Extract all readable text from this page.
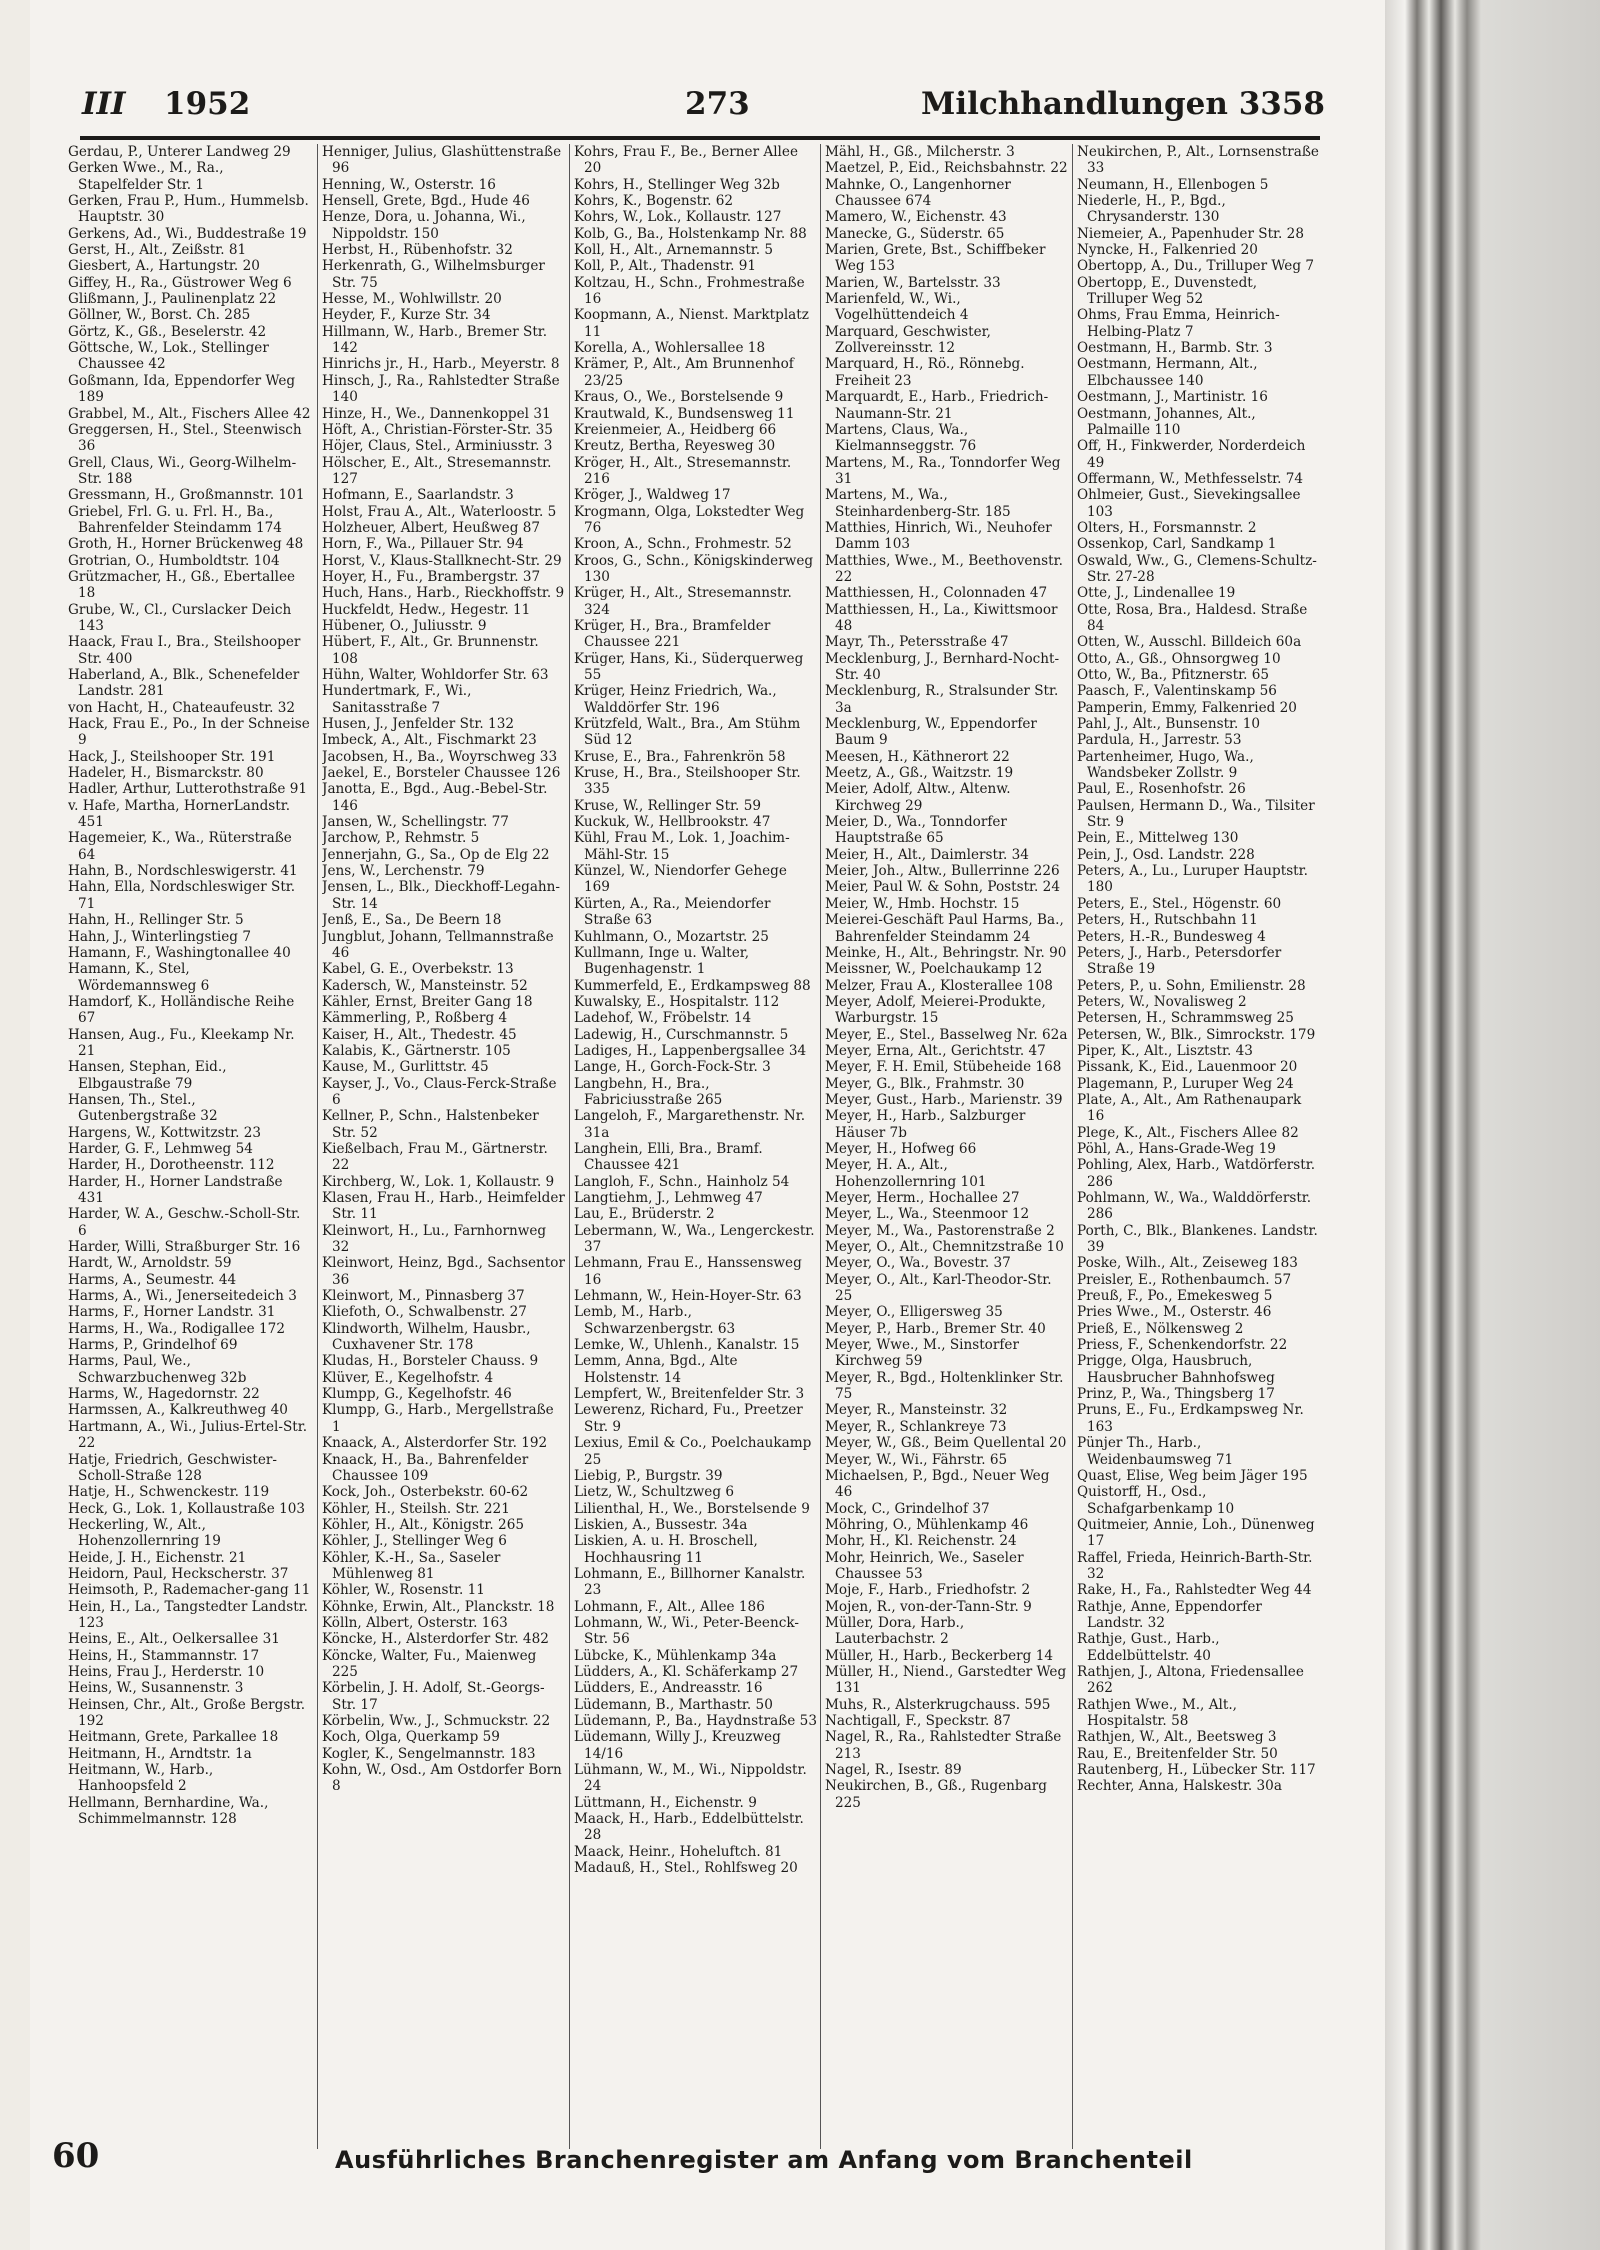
III 1952	273	Milchhandlungen 3358
Gerdau, P., Unterer Landweg 29
Gerken Wwe., M., Ra., Stapelfelder Str. 1
Gerken, Frau P., Hum., Hummelsb. Hauptstr. 30
Gerkens, Ad., Wi., Buddestraße 19
Gerst, H., Alt., Zeißstr. 81
Giesbert, A., Hartungstr. 20
Giffey, H., Ra., Güstrower Weg 6
Glißmann, J., Paulinenplatz 22
Göllner, W., Borst. Ch. 285
Görtz, K., Gß., Beselerstr. 42
Göttsche, W., Lok., Stellinger Chaussee 42
Goßmann, Ida, Eppendorfer Weg 189
Grabbel, M., Alt., Fischers Allee 42
Greggersen, H., Stel., Steenwisch 36
Grell, Claus, Wi., Georg-Wilhelm-Str. 188
Gressmann, H., Großmannstr. 101
Griebel, Frl. G. u. Frl. H., Ba., Bahrenfelder Steindamm 174
Groth, H., Horner Brückenweg 48
Grotrian, O., Humboldtstr. 104
Grützmacher, H., Gß., Ebertallee 18
Grube, W., Cl., Curslacker Deich 143
Haack, Frau I., Bra., Steilshooper Str. 400
Haberland, A., Blk., Schenefelder Landstr. 281
von Hacht, H., Chateaufeustr. 32
Hack, Frau E., Po., In der Schneise 9
Hack, J., Steilshooper Str. 191
Hadeler, H., Bismarckstr. 80
Hadler, Arthur, Lutterothstraße 91
v. Hafe, Martha, HornerLandstr. 451
Hagemeier, K., Wa., Rüterstraße 64
Hahn, B., Nordschleswigerstr. 41
Hahn, Ella, Nordschleswiger Str. 71
Hahn, H., Rellinger Str. 5
Hahn, J., Winterlingstieg 7
Hamann, F., Washingtonallee 40
Hamann, K., Stel, Wördemannsweg 6
Hamdorf, K., Holländische Reihe 67
Hansen, Aug., Fu., Kleekamp Nr. 21
Hansen, Stephan, Eid., Elbgaustraße 79
Hansen, Th., Stel., Gutenbergstraße 32
Hargens, W., Kottwitzstr. 23
Harder, G. F., Lehmweg 54
Harder, H., Dorotheenstr. 112
Harder, H., Horner Landstraße 431
Harder, W. A., Geschw.-Scholl-Str. 6
Harder, Willi, Straßburger Str. 16
Hardt, W., Arnoldstr. 59
Harms, A., Seumestr. 44
Harms, A., Wi., Jenerseitedeich 3
Harms, F., Horner Landstr. 31
Harms, H., Wa., Rodigallee 172
Harms, P., Grindelhof 69
Harms, Paul, We., Schwarzbuchenweg 32b
Harms, W., Hagedornstr. 22
Harmssen, A., Kalkreuthweg 40
Hartmann, A., Wi., Julius-Ertel-Str. 22
Hatje, Friedrich, Geschwister-Scholl-Straße 128
Hatje, H., Schwenckestr. 119
Heck, G., Lok. 1, Kollaustraße 103
Heckerling, W., Alt., Hohenzollernring 19
Heide, J. H., Eichenstr. 21
Heidorn, Paul, Heckscherstr. 37
Heimsoth, P., Rademacher-gang 11
Hein, H., La., Tangstedter Landstr. 123
Heins, E., Alt., Oelkersallee 31
Heins, H., Stammannstr. 17
Heins, Frau J., Herderstr. 10
Heins, W., Susannenstr. 3
Heinsen, Chr., Alt., Große Bergstr. 192
Heitmann, Grete, Parkallee 18
Heitmann, H., Arndtstr. 1a
Heitmann, W., Harb., Hanhoopsfeld 2
Hellmann, Bernhardine, Wa., Schimmelmannstr. 128
Henniger, Julius, Glashüttenstraße 96
Henning, W., Osterstr. 16
Hensell, Grete, Bgd., Hude 46
Henze, Dora, u. Johanna, Wi., Nippoldstr. 150
Herbst, H., Rübenhofstr. 32
Herkenrath, G., Wilhelmsburger Str. 75
Hesse, M., Wohlwillstr. 20
Heyder, F., Kurze Str. 34
Hillmann, W., Harb., Bremer Str. 142
Hinrichs jr., H., Harb., Meyerstr. 8
Hinsch, J., Ra., Rahlstedter Straße 140
Hinze, H., We., Dannenkoppel 31
Höft, A., Christian-Förster-Str. 35
Höjer, Claus, Stel., Arminiusstr. 3
Hölscher, E., Alt., Stresemannstr. 127
Hofmann, E., Saarlandstr. 3
Holst, Frau A., Alt., Waterloostr. 5
Holzheuer, Albert, Heußweg 87
Horn, F., Wa., Pillauer Str. 94
Horst, V., Klaus-Stallknecht-Str. 29
Hoyer, H., Fu., Brambergstr. 37
Huch, Hans., Harb., Rieckhoffstr. 9
Huckfeldt, Hedw., Hegestr. 11
Hübener, O., Juliusstr. 9
Hübert, F., Alt., Gr. Brunnenstr. 108
Hühn, Walter, Wohldorfer Str. 63
Hundertmark, F., Wi., Sanitasstraße 7
Husen, J., Jenfelder Str. 132
Imbeck, A., Alt., Fischmarkt 23
Jacobsen, H., Ba., Woyrschweg 33
Jaekel, E., Borsteler Chaussee 126
Janotta, E., Bgd., Aug.-Bebel-Str. 146
Jansen, W., Schellingstr. 77
Jarchow, P., Rehmstr. 5
Jennerjahn, G., Sa., Op de Elg 22
Jens, W., Lerchenstr. 79
Jensen, L., Blk., Dieckhoff-Legahn-Str. 14
Jenß, E., Sa., De Beern 18
Jungblut, Johann, Tellmannstraße 46
Kabel, G. E., Overbekstr. 13
Kadersch, W., Mansteinstr. 52
Kähler, Ernst, Breiter Gang 18
Kämmerling, P., Roßberg 4
Kaiser, H., Alt., Thedestr. 45
Kalabis, K., Gärtnerstr. 105
Kause, M., Gurlittstr. 45
Kayser, J., Vo., Claus-Ferck-Straße 6
Kellner, P., Schn., Halstenbeker Str. 52
Kießelbach, Frau M., Gärtnerstr. 22
Kirchberg, W., Lok. 1, Kollaustr. 9
Klasen, Frau H., Harb., Heimfelder Str. 11
Kleinwort, H., Lu., Farnhornweg 32
Kleinwort, Heinz, Bgd., Sachsentor 36
Kleinwort, M., Pinnasberg 37
Kliefoth, O., Schwalbenstr. 27
Klindworth, Wilhelm, Hausbr., Cuxhavener Str. 178
Kludas, H., Borsteler Chauss. 9
Klüver, E., Kegelhofstr. 4
Klumpp, G., Kegelhofstr. 46
Klumpp, G., Harb., Mergellstraße 1
Knaack, A., Alsterdorfer Str. 192
Knaack, H., Ba., Bahrenfelder Chaussee 109
Kock, Joh., Osterbekstr. 60-62
Köhler, H., Steilsh. Str. 221
Köhler, H., Alt., Königstr. 265
Köhler, J., Stellinger Weg 6
Köhler, K.-H., Sa., Saseler Mühlenweg 81
Köhler, W., Rosenstr. 11
Köhnke, Erwin, Alt., Planckstr. 18
Kölln, Albert, Osterstr. 163
Köncke, H., Alsterdorfer Str. 482
Köncke, Walter, Fu., Maienweg 225
Körbelin, J. H. Adolf, St.-Georgs-Str. 17
Körbelin, Ww., J., Schmuckstr. 22
Koch, Olga, Querkamp 59
Kogler, K., Sengelmannstr. 183
Kohn, W., Osd., Am Ostdorfer Born 8
Kohrs, Frau F., Be., Berner Allee 20
Kohrs, H., Stellinger Weg 32b
Kohrs, K., Bogenstr. 62
Kohrs, W., Lok., Kollaustr. 127
Kolb, G., Ba., Holstenkamp Nr. 88
Koll, H., Alt., Arnemannstr. 5
Koll, P., Alt., Thadenstr. 91
Koltzau, H., Schn., Frohmestraße 16
Koopmann, A., Nienst. Marktplatz 11
Korella, A., Wohlersallee 18
Krämer, P., Alt., Am Brunnenhof 23/25
Kraus, O., We., Borstelsende 9
Krautwald, K., Bundsensweg 11
Kreienmeier, A., Heidberg 66
Kreutz, Bertha, Reyesweg 30
Kröger, H., Alt., Stresemannstr. 216
Kröger, J., Waldweg 17
Krogmann, Olga, Lokstedter Weg 76
Kroon, A., Schn., Frohmestr. 52
Kroos, G., Schn., Königskinderweg 130
Krüger, H., Alt., Stresemannstr. 324
Krüger, H., Bra., Bramfelder Chaussee 221
Krüger, Hans, Ki., Süderquerweg 55
Krüger, Heinz Friedrich, Wa., Walddörfer Str. 196
Krützfeld, Walt., Bra., Am Stühm Süd 12
Kruse, E., Bra., Fahrenkrön 58
Kruse, H., Bra., Steilshooper Str. 335
Kruse, W., Rellinger Str. 59
Kuckuk, W., Hellbrookstr. 47
Kühl, Frau M., Lok. 1, Joachim-Mähl-Str. 15
Künzel, W., Niendorfer Gehege 169
Kürten, A., Ra., Meiendorfer Straße 63
Kuhlmann, O., Mozartstr. 25
Kullmann, Inge u. Walter, Bugenhagenstr. 1
Kummerfeld, E., Erdkampsweg 88
Kuwalsky, E., Hospitalstr. 112
Ladehof, W., Fröbelstr. 14
Ladewig, H., Curschmannstr. 5
Ladiges, H., Lappenbergsallee 34
Lange, H., Gorch-Fock-Str. 3
Langbehn, H., Bra., Fabriciusstraße 265
Langeloh, F., Margarethenstr. Nr. 31a
Langhein, Elli, Bra., Bramf. Chaussee 421
Langloh, F., Schn., Hainholz 54
Langtiehm, J., Lehmweg 47
Lau, E., Brüderstr. 2
Lebermann, W., Wa., Lengerckestr. 37
Lehmann, Frau E., Hanssensweg 16
Lehmann, W., Hein-Hoyer-Str. 63
Lemb, M., Harb., Schwarzenbergstr. 63
Lemke, W., Uhlenh., Kanalstr. 15
Lemm, Anna, Bgd., Alte Holstenstr. 14
Lempfert, W., Breitenfelder Str. 3
Lewerenz, Richard, Fu., Preetzer Str. 9
Lexius, Emil & Co., Poelchaukamp 25
Liebig, P., Burgstr. 39
Lietz, W., Schultzweg 6
Lilienthal, H., We., Borstelsende 9
Liskien, A., Bussestr. 34a
Liskien, A. u. H. Broschell, Hochhausring 11
Lohmann, E., Billhorner Kanalstr. 23
Lohmann, F., Alt., Allee 186
Lohmann, W., Wi., Peter-Beenck-Str. 56
Lübcke, K., Mühlenkamp 34a
Lüdders, A., Kl. Schäferkamp 27
Lüdders, E., Andreasstr. 16
Lüdemann, B., Marthastr. 50
Lüdemann, P., Ba., Haydnstraße 53
Lüdemann, Willy J., Kreuzweg 14/16
Lühmann, W., M., Wi., Nippoldstr. 24
Lüttmann, H., Eichenstr. 9
Maack, H., Harb., Eddelbüttelstr. 28
Maack, Heinr., Hoheluftch. 81
Madauß, H., Stel., Rohlfsweg 20
Mähl, H., Gß., Milcherstr. 3
Maetzel, P., Eid., Reichsbahnstr. 22
Mahnke, O., Langenhorner Chaussee 674
Mamero, W., Eichenstr. 43
Manecke, G., Süderstr. 65
Marien, Grete, Bst., Schiffbeker Weg 153
Marien, W., Bartelsstr. 33
Marienfeld, W., Wi., Vogelhüttendeich 4
Marquard, Geschwister, Zollvereinsstr. 12
Marquard, H., Rö., Rönnebg. Freiheit 23
Marquardt, E., Harb., Friedrich-Naumann-Str. 21
Martens, Claus, Wa., Kielmannseggstr. 76
Martens, M., Ra., Tonndorfer Weg 31
Martens, M., Wa., Steinhardenberg-Str. 185
Matthies, Hinrich, Wi., Neuhofer Damm 103
Matthies, Wwe., M., Beethovenstr. 22
Matthiessen, H., Colonnaden 47
Matthiessen, H., La., Kiwittsmoor 48
Mayr, Th., Petersstraße 47
Mecklenburg, J., Bernhard-Nocht-Str. 40
Mecklenburg, R., Stralsunder Str. 3a
Mecklenburg, W., Eppendorfer Baum 9
Meesen, H., Käthnerort 22
Meetz, A., Gß., Waitzstr. 19
Meier, Adolf, Altw., Altenw. Kirchweg 29
Meier, D., Wa., Tonndorfer Hauptstraße 65
Meier, H., Alt., Daimlerstr. 34
Meier, Joh., Altw., Bullerrinne 226
Meier, Paul W. & Sohn, Poststr. 24
Meier, W., Hmb. Hochstr. 15
Meierei-Geschäft Paul Harms, Ba., Bahrenfelder Steindamm 24
Meinke, H., Alt., Behringstr. Nr. 90
Meissner, W., Poelchaukamp 12
Melzer, Frau A., Klosterallee 108
Meyer, Adolf, Meierei-Produkte, Warburgstr. 15
Meyer, E., Stel., Basselweg Nr. 62a
Meyer, Erna, Alt., Gerichtstr. 47
Meyer, F. H. Emil, Stübeheide 168
Meyer, G., Blk., Frahmstr. 30
Meyer, Gust., Harb., Marienstr. 39
Meyer, H., Harb., Salzburger Häuser 7b
Meyer, H., Hofweg 66
Meyer, H. A., Alt., Hohenzollernring 101
Meyer, Herm., Hochallee 27
Meyer, L., Wa., Steenmoor 12
Meyer, M., Wa., Pastorenstraße 2
Meyer, O., Alt., Chemnitzstraße 10
Meyer, O., Wa., Bovestr. 37
Meyer, O., Alt., Karl-Theodor-Str. 25
Meyer, O., Elligersweg 35
Meyer, P., Harb., Bremer Str. 40
Meyer, Wwe., M., Sinstorfer Kirchweg 59
Meyer, R., Bgd., Holtenklinker Str. 75
Meyer, R., Mansteinstr. 32
Meyer, R., Schlankreye 73
Meyer, W., Gß., Beim Quellental 20
Meyer, W., Wi., Fährstr. 65
Michaelsen, P., Bgd., Neuer Weg 46
Mock, C., Grindelhof 37
Möhring, O., Mühlenkamp 46
Mohr, H., Kl. Reichenstr. 24
Mohr, Heinrich, We., Saseler Chaussee 53
Moje, F., Harb., Friedhofstr. 2
Mojen, R., von-der-Tann-Str. 9
Müller, Dora, Harb., Lauterbachstr. 2
Müller, H., Harb., Beckerberg 14
Müller, H., Niend., Garstedter Weg 131
Muhs, R., Alsterkrugchauss. 595
Nachtigall, F., Speckstr. 87
Nagel, R., Ra., Rahlstedter Straße 213
Nagel, R., Isestr. 89
Neukirchen, B., Gß., Rugenbarg 225
Neukirchen, P., Alt., Lornsenstraße 33
Neumann, H., Ellenbogen 5
Niederle, H., P., Bgd., Chrysanderstr. 130
Niemeier, A., Papenhuder Str. 28
Nyncke, H., Falkenried 20
Obertopp, A., Du., Trilluper Weg 7
Obertopp, E., Duvenstedt, Trilluper Weg 52
Ohms, Frau Emma, Heinrich-Helbing-Platz 7
Oestmann, H., Barmb. Str. 3
Oestmann, Hermann, Alt., Elbchaussee 140
Oestmann, J., Martinistr. 16
Oestmann, Johannes, Alt., Palmaille 110
Off, H., Finkwerder, Norderdeich 49
Offermann, W., Methfesselstr. 74
Ohlmeier, Gust., Sievekingsallee 103
Olters, H., Forsmannstr. 2
Ossenkop, Carl, Sandkamp 1
Oswald, Ww., G., Clemens-Schultz-Str. 27-28
Otte, J., Lindenallee 19
Otte, Rosa, Bra., Haldesd. Straße 84
Otten, W., Ausschl. Billdeich 60a
Otto, A., Gß., Ohnsorgweg 10
Otto, W., Ba., Pfitznerstr. 65
Paasch, F., Valentinskamp 56
Pamperin, Emmy, Falkenried 20
Pahl, J., Alt., Bunsenstr. 10
Pardula, H., Jarrestr. 53
Partenheimer, Hugo, Wa., Wandsbeker Zollstr. 9
Paul, E., Rosenhofstr. 26
Paulsen, Hermann D., Wa., Tilsiter Str. 9
Pein, E., Mittelweg 130
Pein, J., Osd. Landstr. 228
Peters, A., Lu., Luruper Hauptstr. 180
Peters, E., Stel., Högenstr. 60
Peters, H., Rutschbahn 11
Peters, H.-R., Bundesweg 4
Peters, J., Harb., Petersdorfer Straße 19
Peters, P., u. Sohn, Emilienstr. 28
Peters, W., Novalisweg 2
Petersen, H., Schrammsweg 25
Petersen, W., Blk., Simrockstr. 179
Piper, K., Alt., Lisztstr. 43
Pissank, K., Eid., Lauenmoor 20
Plagemann, P., Luruper Weg 24
Plate, A., Alt., Am Rathenaupark 16
Plege, K., Alt., Fischers Allee 82
Pöhl, A., Hans-Grade-Weg 19
Pohling, Alex, Harb., Watdörferstr. 286
Pohlmann, W., Wa., Walddörferstr. 286
Porth, C., Blk., Blankenes. Landstr. 39
Poske, Wilh., Alt., Zeiseweg 183
Preisler, E., Rothenbaumch. 57
Preuß, F., Po., Emekesweg 5
Pries Wwe., M., Osterstr. 46
Prieß, E., Nölkensweg 2
Priess, F., Schenkendorfstr. 22
Prigge, Olga, Hausbruch, Hausbrucher Bahnhofsweg
Prinz, P., Wa., Thingsberg 17
Pruns, E., Fu., Erdkampsweg Nr. 163
Pünjer Th., Harb., Weidenbaumsweg 71
Quast, Elise, Weg beim Jäger 195
Quistorff, H., Osd., Schafgarbenkamp 10
Quitmeier, Annie, Loh., Dünenweg 17
Raffel, Frieda, Heinrich-Barth-Str. 32
Rake, H., Fa., Rahlstedter Weg 44
Rathje, Anne, Eppendorfer Landstr. 32
Rathje, Gust., Harb., Eddelbüttelstr. 40
Rathjen, J., Altona, Friedensallee 262
Rathjen Wwe., M., Alt., Hospitalstr. 58
Rathjen, W., Alt., Beetsweg 3
Rau, E., Breitenfelder Str. 50
Rautenberg, H., Lübecker Str. 117
Rechter, Anna, Halskestr. 30a
60	Ausführliches Branchenregister am Anfang vom Branchenteil
